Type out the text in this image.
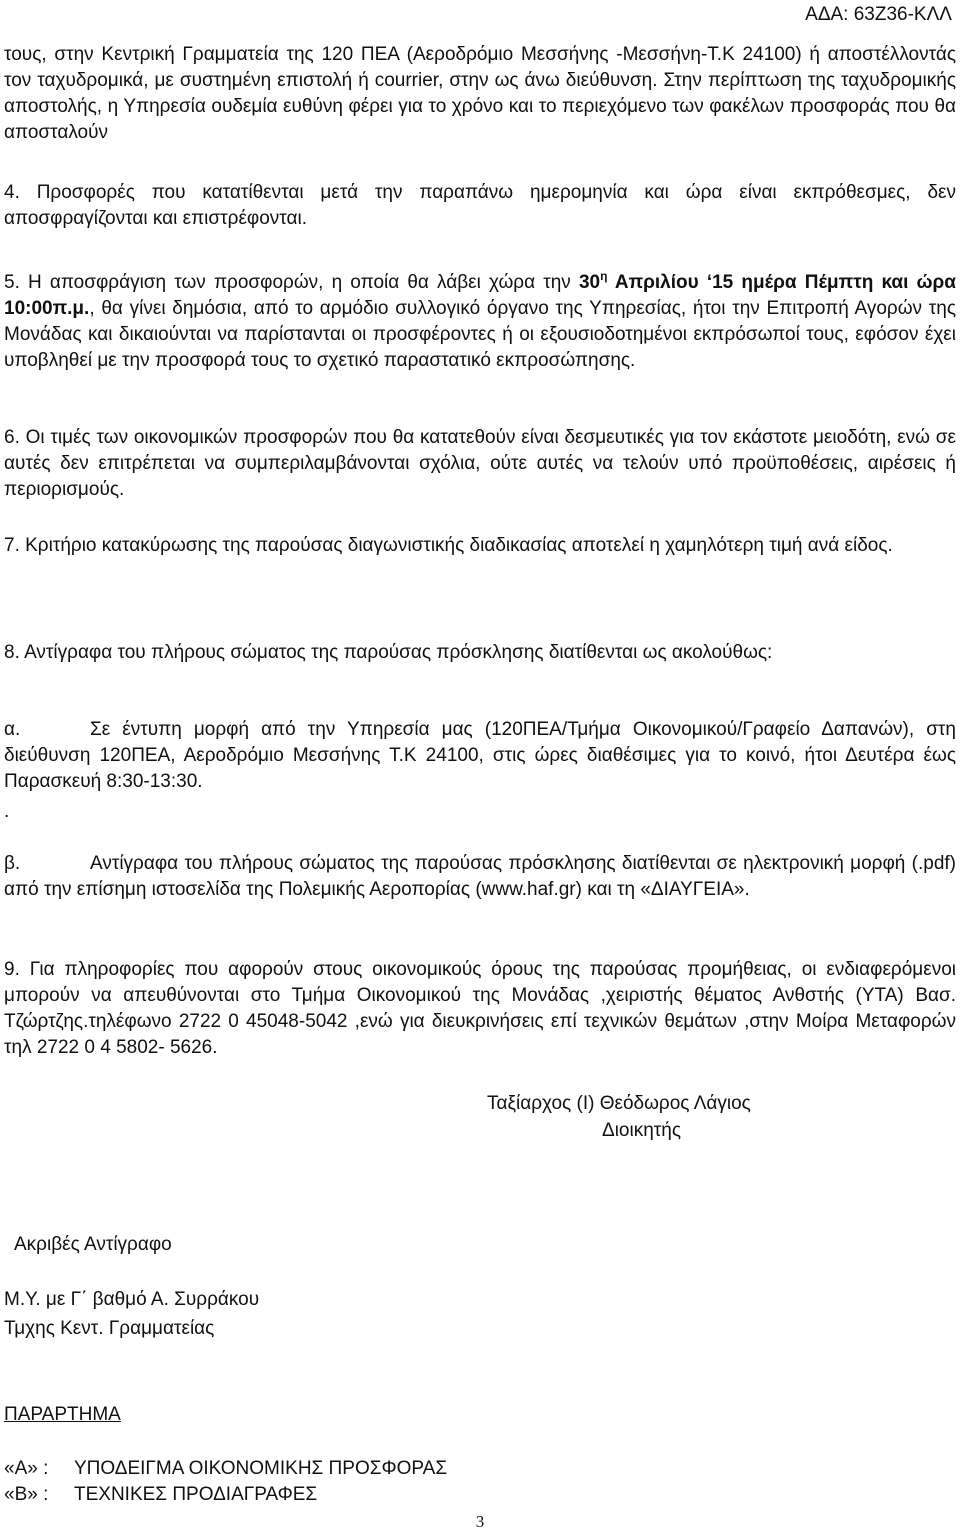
ΑΔΑ: 63Ζ36-ΚΛΛ
τους, στην Κεντρική Γραμματεία της 120 ΠΕΑ (Αεροδρόμιο Μεσσήνης -Μεσσήνη-Τ.Κ 24100) ή αποστέλλοντάς τον ταχυδρομικά, με συστημένη επιστολή ή courrier, στην ως άνω διεύθυνση. Στην περίπτωση της ταχυδρομικής αποστολής, η Υπηρεσία ουδεμία ευθύνη φέρει για το χρόνο και το περιεχόμενο των φακέλων προσφοράς που θα αποσταλούν
4. Προσφορές που κατατίθενται μετά την παραπάνω ημερομηνία και ώρα είναι εκπρόθεσμες, δεν αποσφραγίζονται και επιστρέφονται.
5. Η αποσφράγιση των προσφορών, η οποία θα λάβει χώρα την $30^\eta$ Απριλίου ‘15 ημέρα Πέμπτη και ώρα 10:00π.μ., θα γίνει δημόσια, από το αρμόδιο συλλογικό όργανο της Υπηρεσίας, ήτοι την Επιτροπή Αγορών της Μονάδας και δικαιούνται να παρίστανται οι προσφέροντες ή οι εξουσιοδοτημένοι εκπρόσωποί τους, εφόσον έχει υποβληθεί με την προσφορά τους το σχετικό παραστατικό εκπροσώπησης.
6. Οι τιμές των οικονομικών προσφορών που θα κατατεθούν είναι δεσμευτικές για τον εκάστοτε μειοδότη, ενώ σε αυτές δεν επιτρέπεται να συμπεριλαμβάνονται σχόλια, ούτε αυτές να τελούν υπό προϋποθέσεις, αιρέσεις ή περιορισμούς.
7. Κριτήριο κατακύρωσης της παρούσας διαγωνιστικής διαδικασίας αποτελεί η χαμηλότερη τιμή ανά είδος.
8. Αντίγραφα του πλήρους σώματος της παρούσας πρόσκλησης διατίθενται ως ακολούθως:
α.	Σε έντυπη μορφή από την Υπηρεσία μας (120ΠΕΑ/Τμήμα Οικονομικού/Γραφείο Δαπανών), στη διεύθυνση 120ΠΕΑ, Αεροδρόμιο Μεσσήνης Τ.Κ 24100, στις ώρες διαθέσιμες για το κοινό, ήτοι Δευτέρα έως Παρασκευή 8:30-13:30.
.
β.	Αντίγραφα του πλήρους σώματος της παρούσας πρόσκλησης διατίθενται σε ηλεκτρονική μορφή (.pdf) από την επίσημη ιστοσελίδα της Πολεμικής Αεροπορίας (www.haf.gr) και τη «ΔΙΑΥΓΕΙΑ».
9. Για πληροφορίες που αφορούν στους οικονομικούς όρους της παρούσας προμήθειας, οι ενδιαφερόμενοι μπορούν να απευθύνονται στο Τμήμα Οικονομικού της Μονάδας ,χειριστής θέματος Ανθστής (ΥΤΑ) Βασ. Τζώρτζης.τηλέφωνο 2722 0 45048-5042 ,ενώ για διευκρινήσεις επί τεχνικών θεμάτων ,στην Μοίρα Μεταφορών τηλ 2722 0 4 5802- 5626.
Ταξίαρχος (Ι) Θεόδωρος Λάγιος
Διοικητής
Ακριβές Αντίγραφο
Μ.Υ. με Γ΄ βαθμό Α. Συρράκου
Τμχης Κεντ. Γραμματείας
ΠΑΡΑΡΤΗΜΑ
«Α» : ΥΠΟΔΕΙΓΜΑ ΟΙΚΟΝΟΜΙΚΗΣ ΠΡΟΣΦΟΡΑΣ
«Β» : ΤΕΧΝΙΚΕΣ ΠΡΟΔΙΑΓΡΑΦΕΣ
3
